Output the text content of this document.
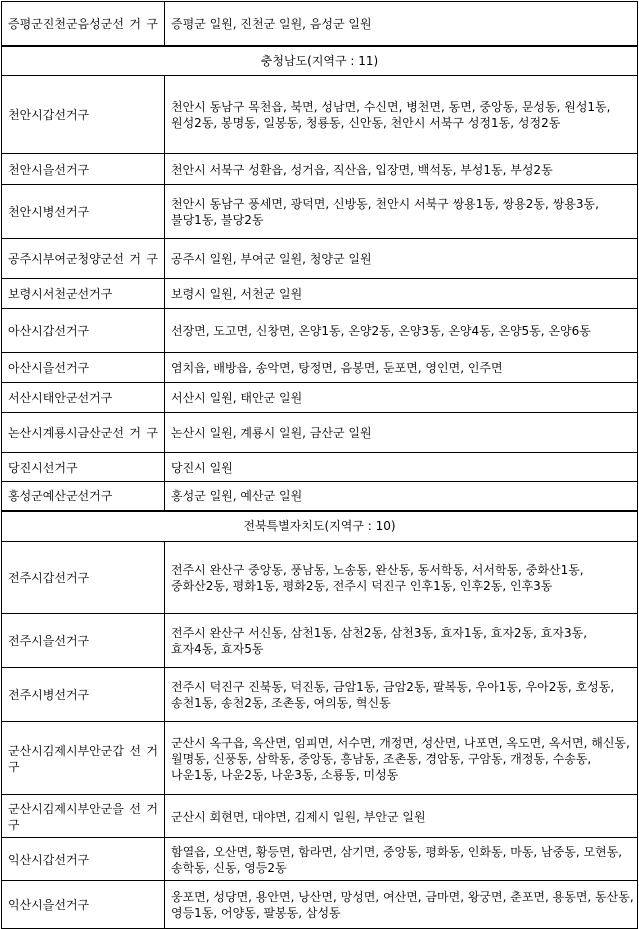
증평군진천군음성군선 거 구	증평군 일원, 진천군 일원, 음성군 일원
충청남도(지역구 : 11)	
천안시갑선거구	천안시 동남구 목천읍, 북면, 성남면, 수신면, 병천면, 동면, 중앙동, 문성동, 원성1동, 원성2동, 봉명동, 일봉동, 청룡동, 신안동, 천안시 서북구 성정1동, 성정2동
천안시을선거구	천안시 서북구 성환읍, 성거읍, 직산읍, 입장면, 백석동, 부성1동, 부성2동
천안시병선거구	천안시 동남구 풍세면, 광덕면, 신방동, 천안시 서북구 쌍용1동, 쌍용2동, 쌍용3동, 불당1동, 불당2동
공주시부여군청양군선 거 구	공주시 일원, 부여군 일원, 청양군 일원
보령시서천군선거구	보령시 일원, 서천군 일원
아산시갑선거구	선장면, 도고면, 신창면, 온양1동, 온양2동, 온양3동, 온양4동, 온양5동, 온양6동
아산시을선거구	염치읍, 배방읍, 송악면, 탕정면, 음봉면, 둔포면, 영인면, 인주면
서산시태안군선거구	서산시 일원, 태안군 일원
논산시계룡시금산군선 거 구	논산시 일원, 계룡시 일원, 금산군 일원
당진시선거구	당진시 일원
홍성군예산군선거구	홍성군 일원, 예산군 일원
전북특별자치도(지역구 : 10)	
전주시갑선거구	전주시 완산구 중앙동, 풍남동, 노송동, 완산동, 동서학동, 서서학동, 중화산1동, 중화산2동, 평화1동, 평화2동, 전주시 덕진구 인후1동, 인후2동, 인후3동
전주시을선거구	전주시 완산구 서신동, 삼천1동, 삼천2동, 삼천3동, 효자1동, 효자2동, 효자3동, 효자4동, 효자5동
전주시병선거구	전주시 덕진구 진북동, 덕진동, 금암1동, 금암2동, 팔복동, 우아1동, 우아2동, 호성동, 송천1동, 송천2동, 조촌동, 여의동, 혁신동
군산시김제시부안군갑 선 거 구	군산시 옥구읍, 옥산면, 임피면, 서수면, 개정면, 성산면, 나포면, 옥도면, 옥서면, 해신동, 월명동, 신풍동, 삼학동, 중앙동, 흥남동, 조촌동, 경암동, 구암동, 개정동, 수송동, 나운1동, 나운2동, 나운3동, 소룡동, 미성동
군산시김제시부안군을 선 거 구	군산시 회현면, 대야면, 김제시 일원, 부안군 일원
익산시갑선거구	함열읍, 오산면, 황등면, 함라면, 삼기면, 중앙동, 평화동, 인화동, 마동, 남중동, 모현동, 송학동, 신동, 영등2동
익산시을선거구	웅포면, 성당면, 용안면, 낭산면, 망성면, 여산면, 금마면, 왕궁면, 춘포면, 용동면, 동산동, 영등1동, 어양동, 팔봉동, 삼성동
